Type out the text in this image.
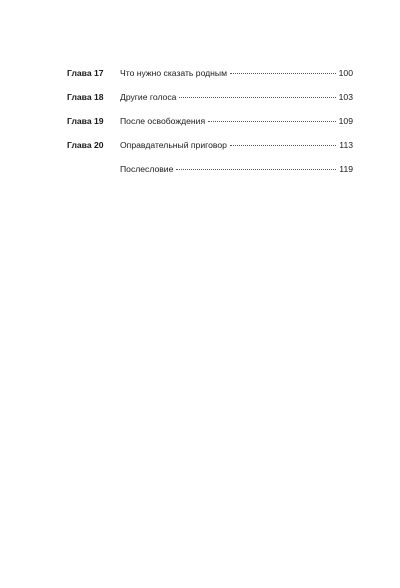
Глава 17	Что нужно сказать родным	100
Глава 18	Другие голоса	103
Глава 19	После освобождения	109
Глава 20	Оправдательный приговор	113
Послесловие	119
